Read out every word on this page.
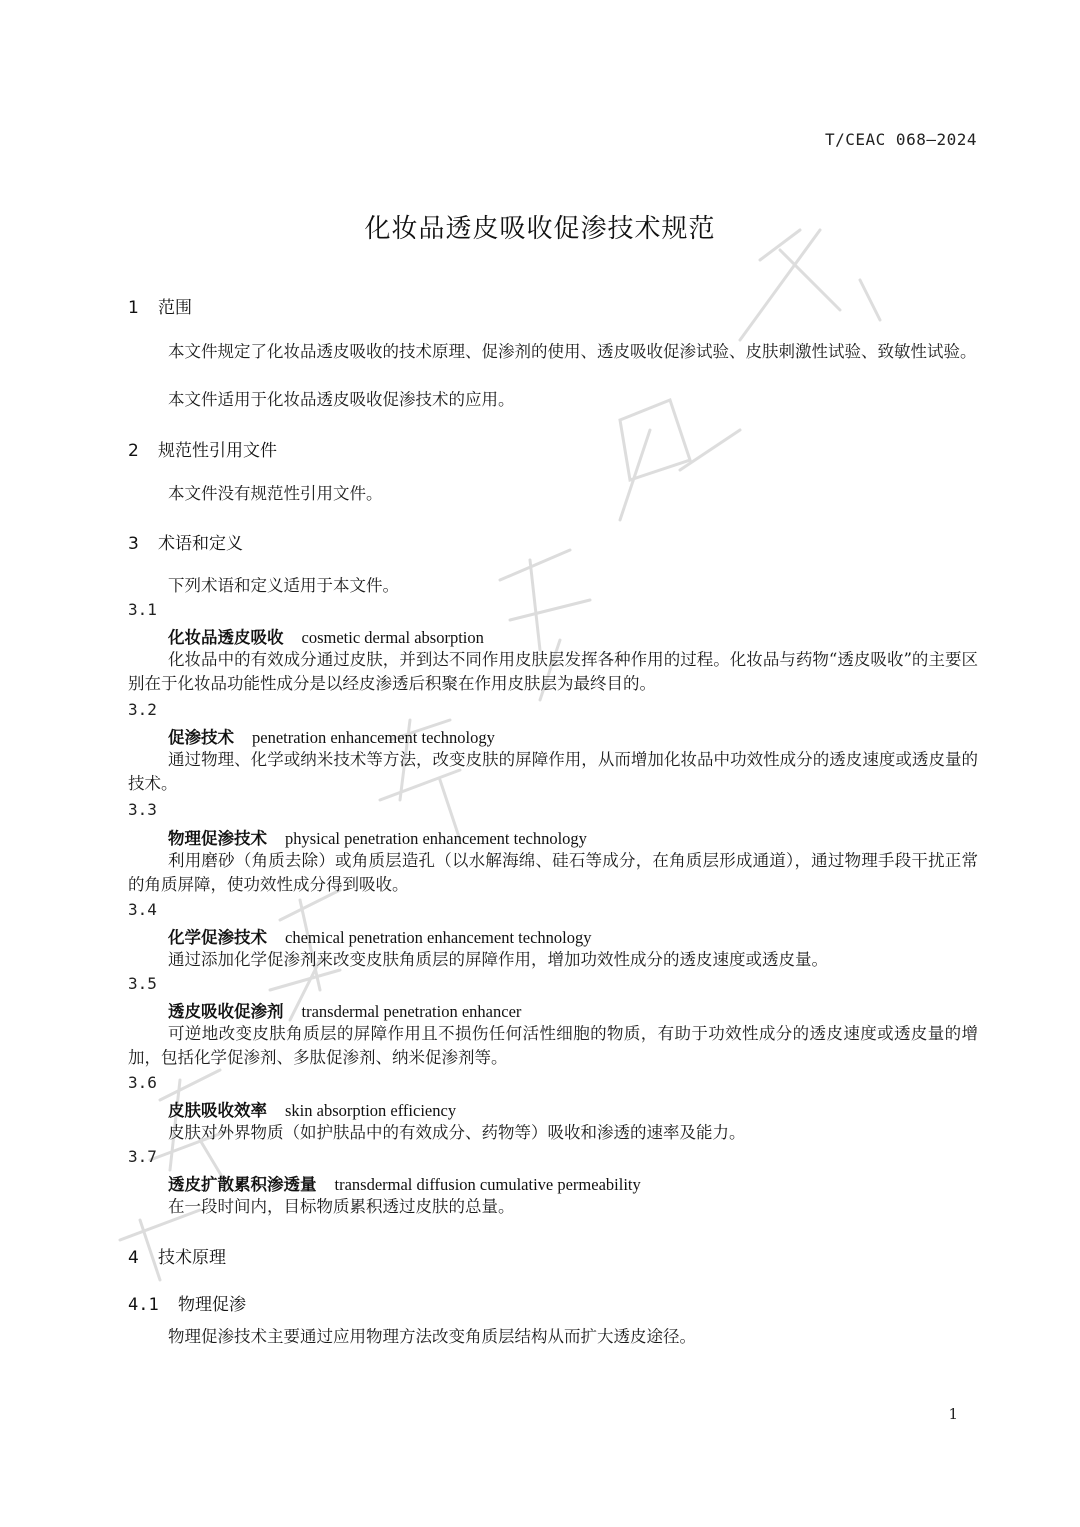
T/CEAC 068—2024
化妆品透皮吸收促渗技术规范
1 范围
本文件规定了化妆品透皮吸收的技术原理、促渗剂的使用、透皮吸收促渗试验、皮肤刺激性试验、致敏性试验。
本文件适用于化妆品透皮吸收促渗技术的应用。
2 规范性引用文件
本文件没有规范性引用文件。
3 术语和定义
下列术语和定义适用于本文件。
3.1
化妆品透皮吸收 cosmetic dermal absorption
化妆品中的有效成分通过皮肤，并到达不同作用皮肤层发挥各种作用的过程。化妆品与药物“透皮吸收”的主要区别在于化妆品功能性成分是以经皮渗透后积聚在作用皮肤层为最终目的。
3.2
促渗技术 penetration enhancement technology
通过物理、化学或纳米技术等方法，改变皮肤的屏障作用，从而增加化妆品中功效性成分的透皮速度或透皮量的技术。
3.3
物理促渗技术 physical penetration enhancement technology
利用磨砂（角质去除）或角质层造孔（以水解海绵、硅石等成分，在角质层形成通道），通过物理手段干扰正常的角质屏障，使功效性成分得到吸收。
3.4
化学促渗技术 chemical penetration enhancement technology
通过添加化学促渗剂来改变皮肤角质层的屏障作用，增加功效性成分的透皮速度或透皮量。
3.5
透皮吸收促渗剂 transdermal penetration enhancer
可逆地改变皮肤角质层的屏障作用且不损伤任何活性细胞的物质，有助于功效性成分的透皮速度或透皮量的增加，包括化学促渗剂、多肽促渗剂、纳米促渗剂等。
3.6
皮肤吸收效率 skin absorption efficiency
皮肤对外界物质（如护肤品中的有效成分、药物等）吸收和渗透的速率及能力。
3.7
透皮扩散累积渗透量 transdermal diffusion cumulative permeability
在一段时间内，目标物质累积透过皮肤的总量。
4 技术原理
4.1 物理促渗
物理促渗技术主要通过应用物理方法改变角质层结构从而扩大透皮途径。
1
